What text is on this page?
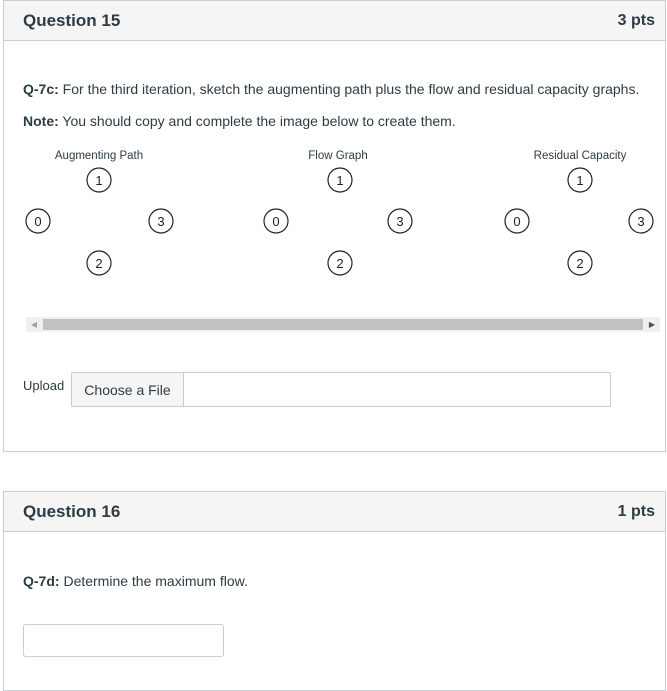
Question 15	3 pts
Q-7c: For the third iteration, sketch the augmenting path plus the flow and residual capacity graphs.
Note: You should copy and complete the image below to create them.
Augmenting Path
1
0	3
2
Flow Graph
1
0	3
2
Residual Capacity
1
0	3
2
◀	▶
Upload	Choose a File
Question 16	1 pts
Q-7d: Determine the maximum flow.
